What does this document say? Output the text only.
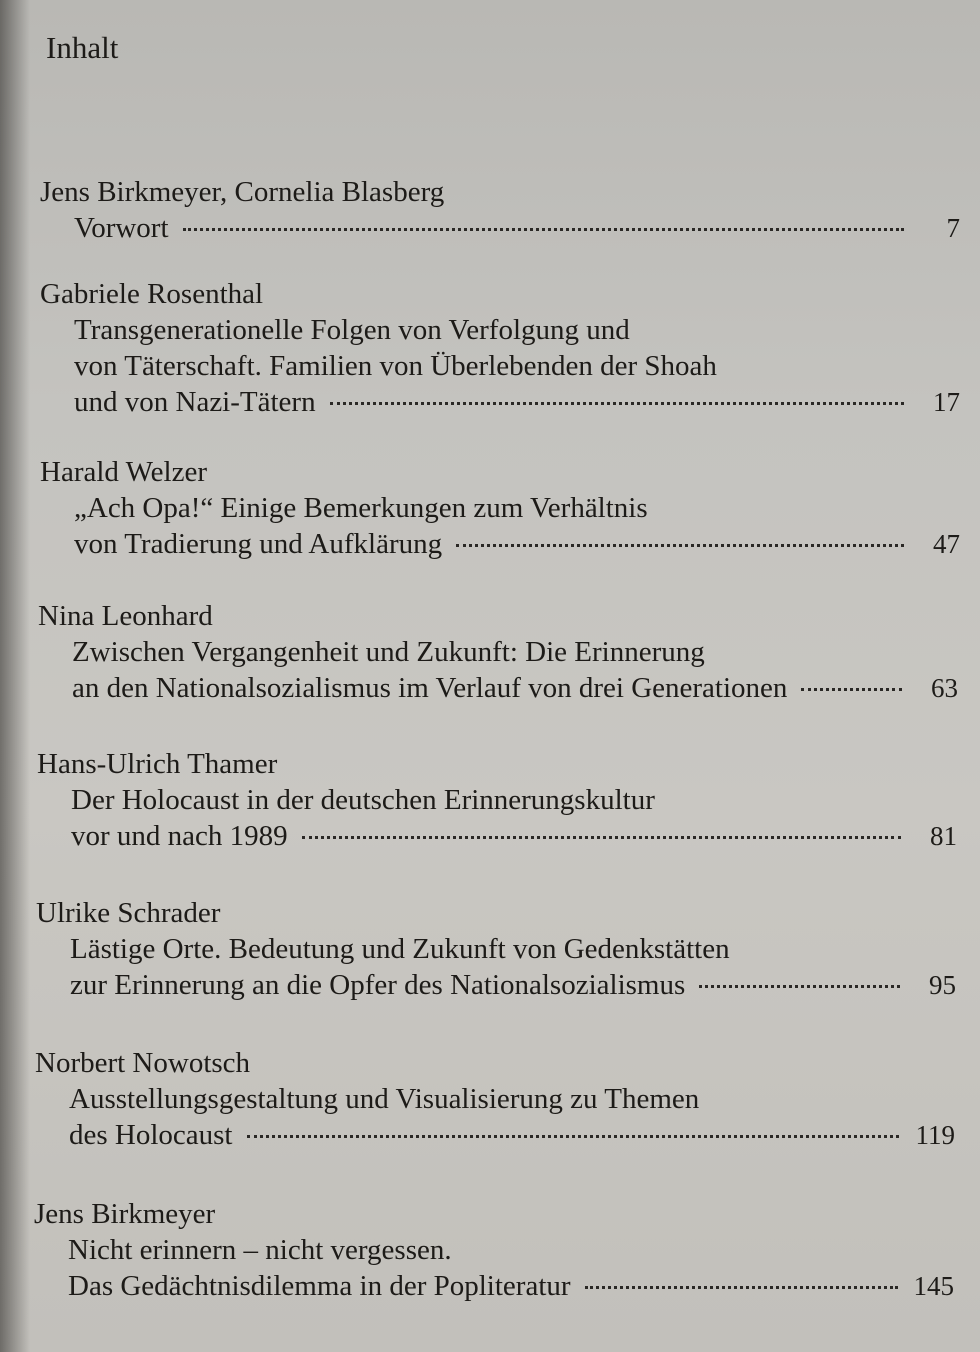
Inhalt
Jens Birkmeyer, Cornelia Blasberg
Vorwort	7
Gabriele Rosenthal
Transgenerationelle Folgen von Verfolgung und
von Täterschaft. Familien von Überlebenden der Shoah
und von Nazi-Tätern	17
Harald Welzer
„Ach Opa!“ Einige Bemerkungen zum Verhältnis
von Tradierung und Aufklärung	47
Nina Leonhard
Zwischen Vergangenheit und Zukunft: Die Erinnerung
an den Nationalsozialismus im Verlauf von drei Generationen	63
Hans-Ulrich Thamer
Der Holocaust in der deutschen Erinnerungskultur
vor und nach 1989	81
Ulrike Schrader
Lästige Orte. Bedeutung und Zukunft von Gedenkstätten
zur Erinnerung an die Opfer des Nationalsozialismus	95
Norbert Nowotsch
Ausstellungsgestaltung und Visualisierung zu Themen
des Holocaust	119
Jens Birkmeyer
Nicht erinnern – nicht vergessen.
Das Gedächtnisdilemma in der Popliteratur	145
